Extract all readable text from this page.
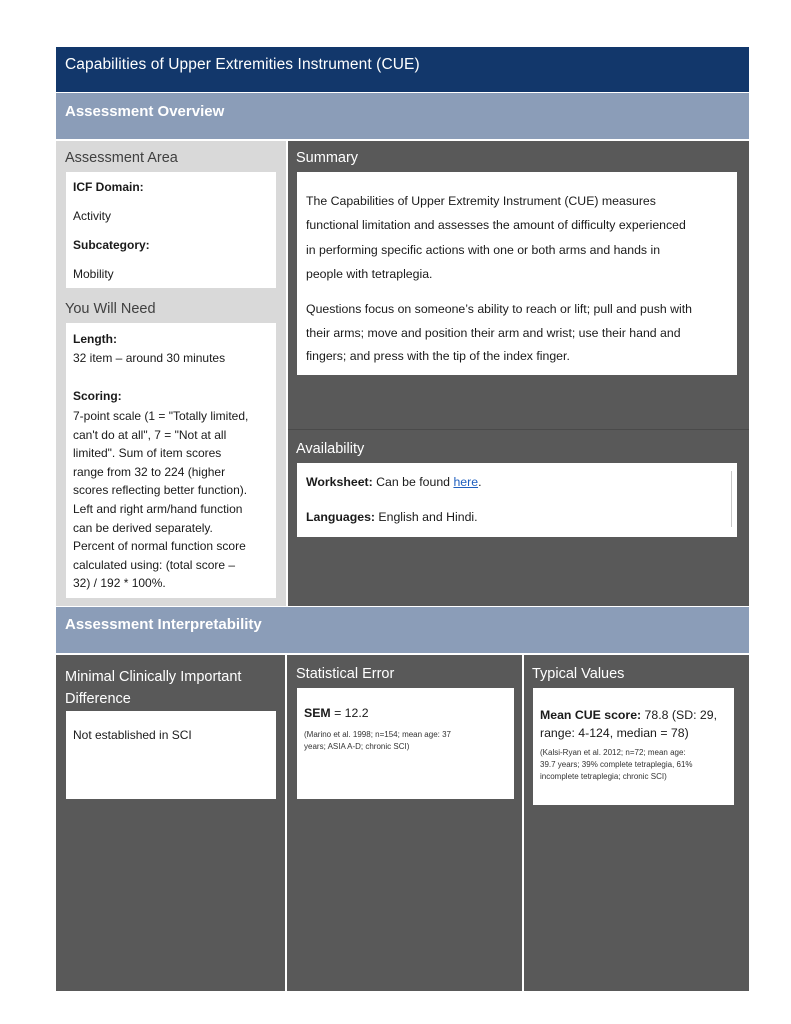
Capabilities of Upper Extremities Instrument (CUE)
Assessment Overview
Assessment Area
ICF Domain:
Activity
Subcategory:
Mobility
You Will Need
Length:
32 item – around 30 minutes
Scoring:
7-point scale (1 = "Totally limited,
can't do at all", 7 = "Not at all
limited". Sum of item scores
range from 32 to 224 (higher
scores reflecting better function).
Left and right arm/hand function
can be derived separately.
Percent of normal function score
calculated using: (total score –
32) / 192 * 100%.
Summary
The Capabilities of Upper Extremity Instrument (CUE) measures
functional limitation and assesses the amount of difficulty experienced
in performing specific actions with one or both arms and hands in
people with tetraplegia.
Questions focus on someone’s ability to reach or lift; pull and push with
their arms; move and position their arm and wrist; use their hand and
fingers; and press with the tip of the index finger.
Availability
Worksheet: Can be found here.
Languages: English and Hindi.
Assessment Interpretability
Minimal Clinically Important
Difference
Not established in SCI
Statistical Error
SEM = 12.2
(Marino et al. 1998; n=154; mean age: 37
years; ASIA A-D; chronic SCI)
Typical Values
Mean CUE score: 78.8 (SD: 29,
range: 4-124, median = 78)
(Kalsi-Ryan et al. 2012; n=72; mean age:
39.7 years; 39% complete tetraplegia, 61%
incomplete tetraplegia; chronic SCI)
